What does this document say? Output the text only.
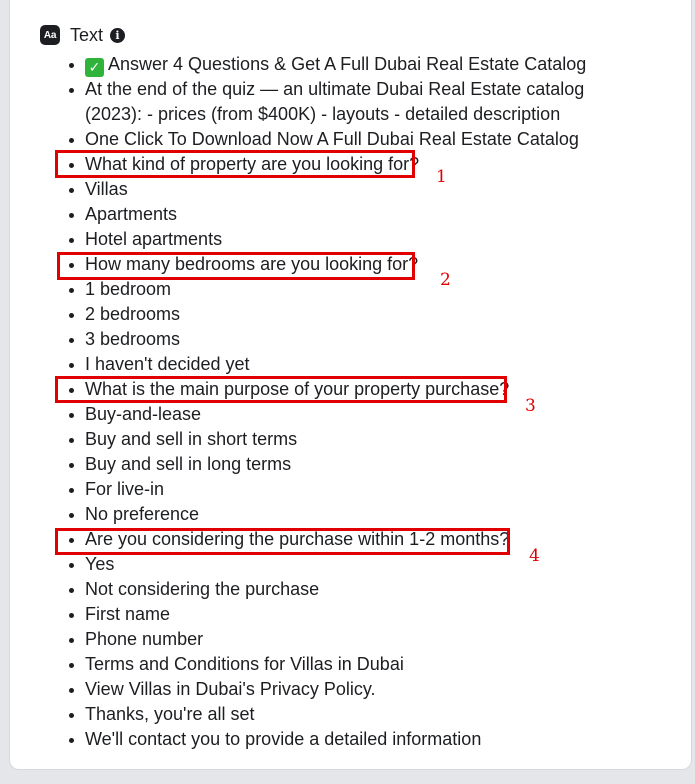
Aa Text	i
✓ Answer 4 Questions & Get A Full Dubai Real Estate Catalog
At the end of the quiz — an ultimate Dubai Real Estate catalog (2023): - prices (from $400K) - layouts - detailed description
One Click To Download Now A Full Dubai Real Estate Catalog
What kind of property are you looking for?
Villas
Apartments
Hotel apartments
How many bedrooms are you looking for?
1 bedroom
2 bedrooms
3 bedrooms
I haven't decided yet
What is the main purpose of your property purchase?
Buy-and-lease
Buy and sell in short terms
Buy and sell in long terms
For live-in
No preference
Are you considering the purchase within 1-2 months?
Yes
Not considering the purchase
First name
Phone number
Terms and Conditions for Villas in Dubai
View Villas in Dubai's Privacy Policy.
Thanks, you're all set
We'll contact you to provide a detailed information
1
2
3
4
